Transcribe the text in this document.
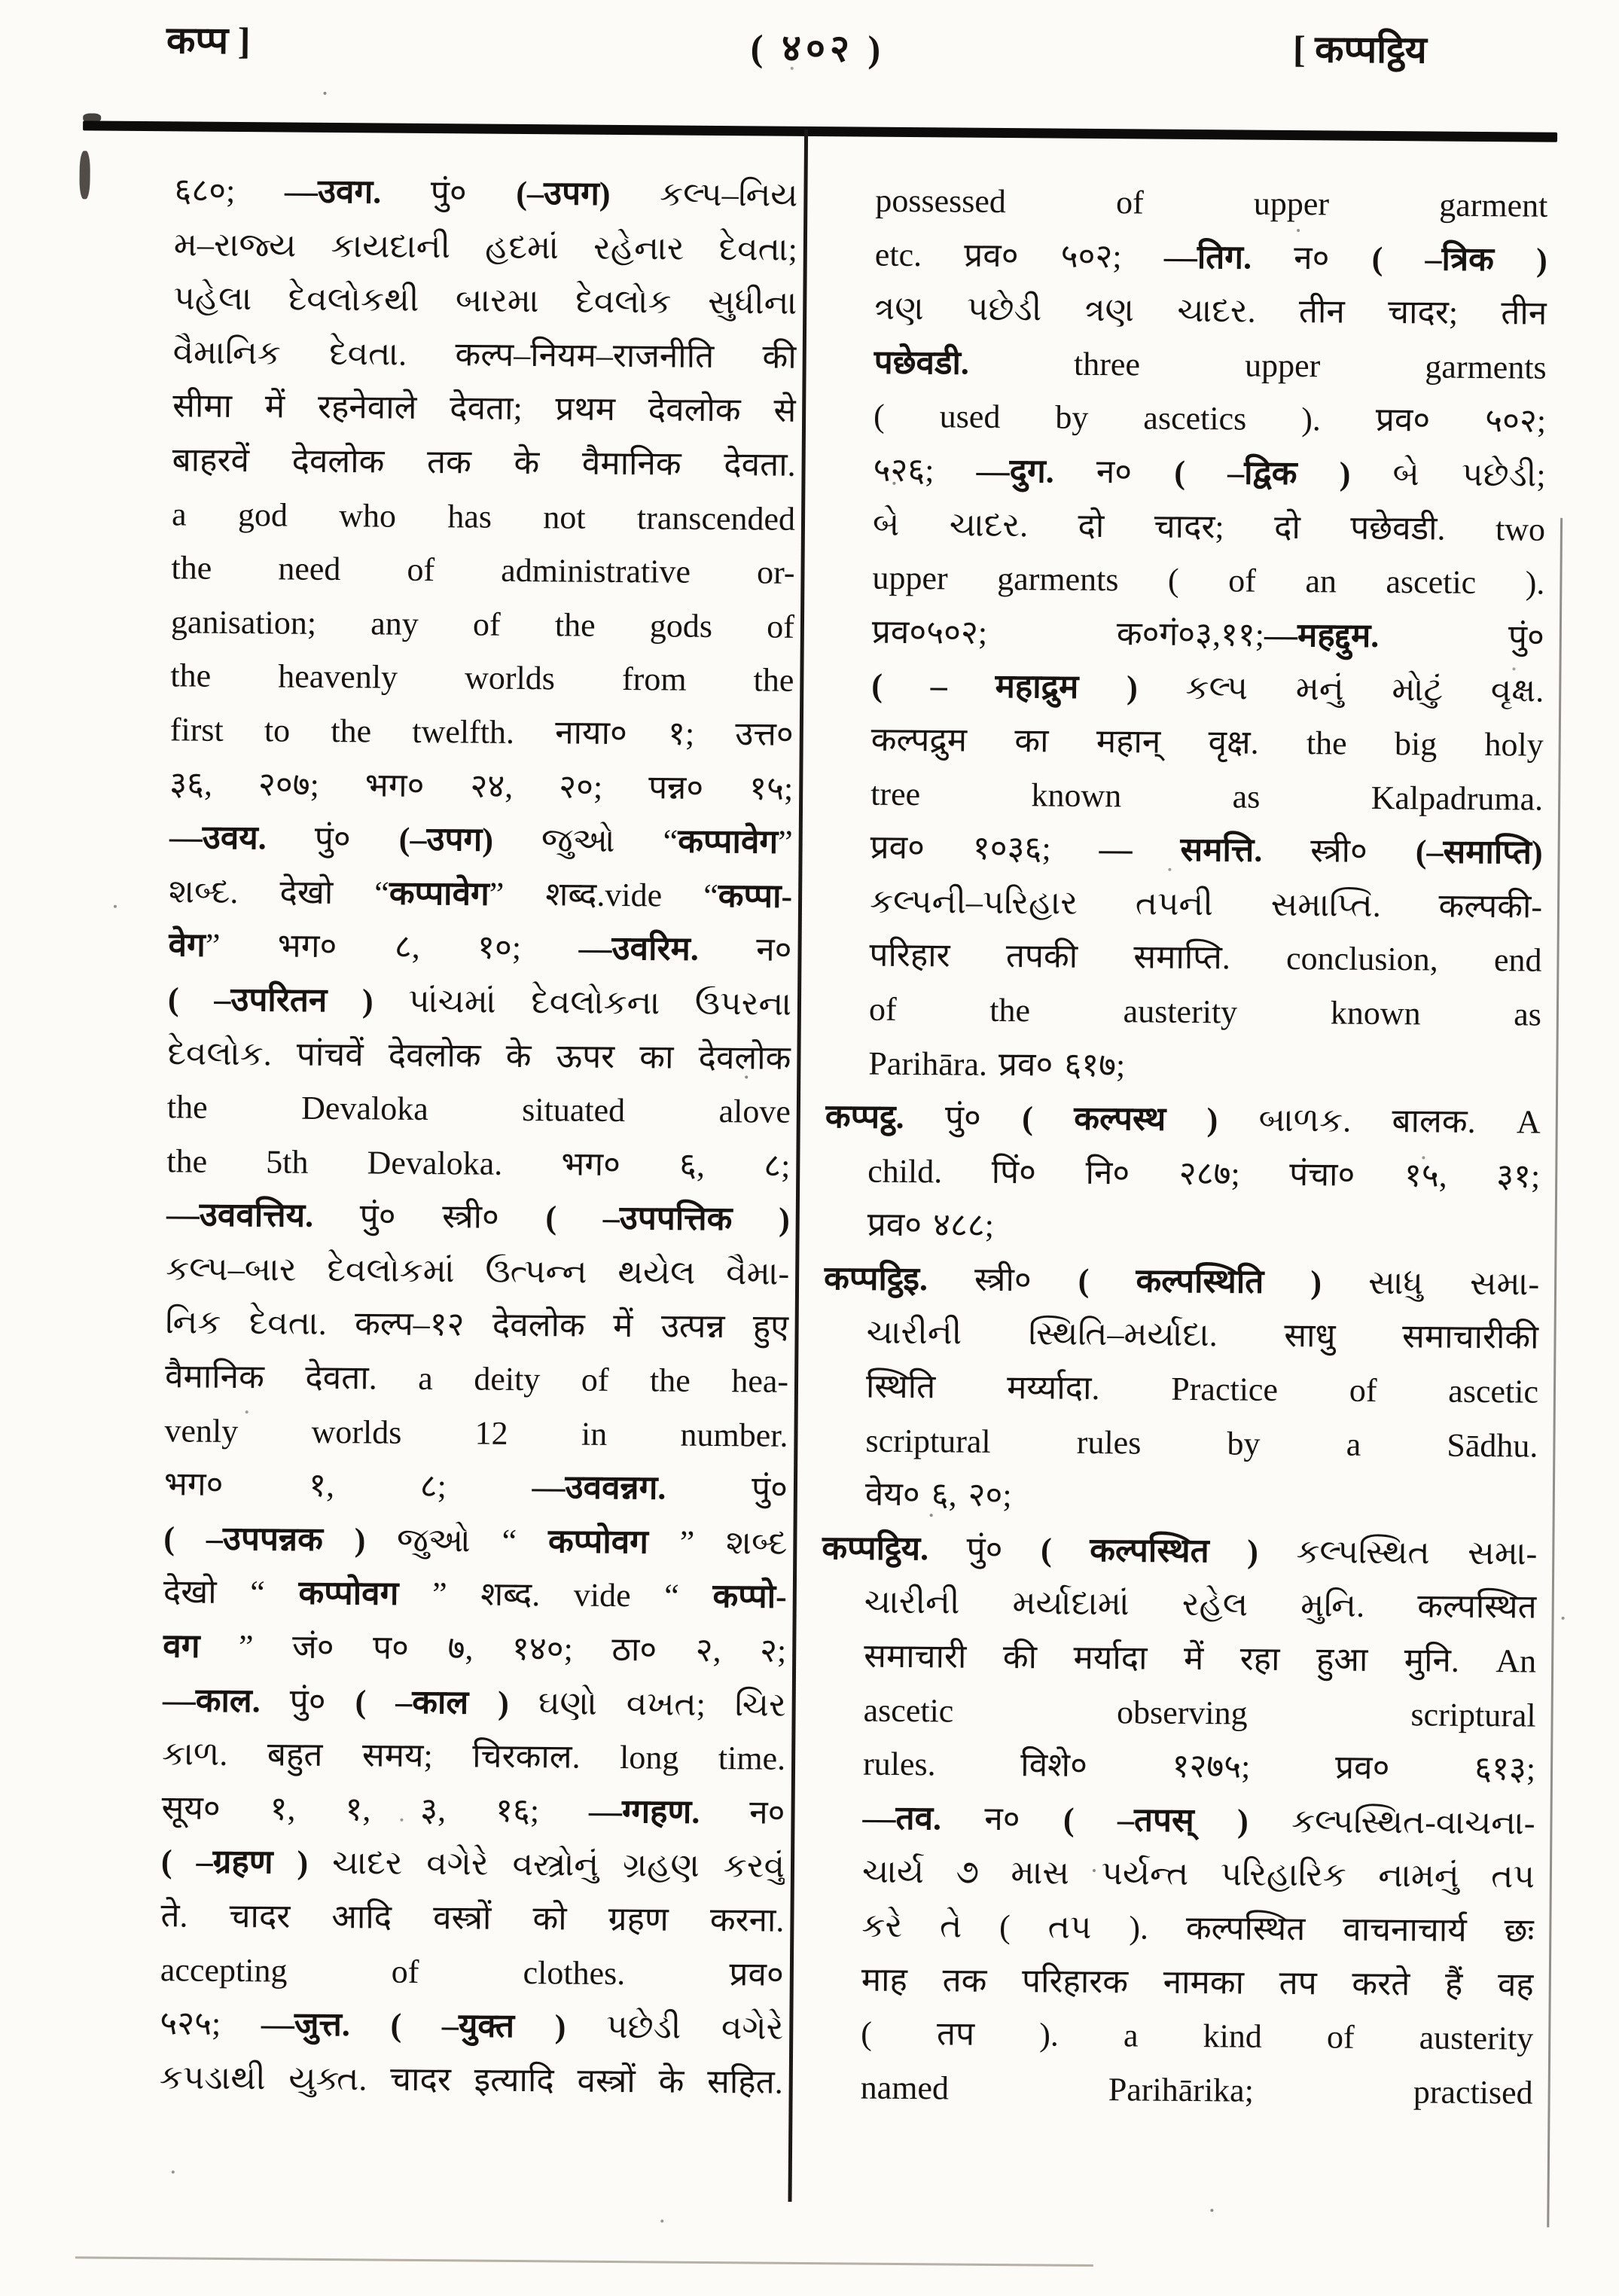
कप्प ]	( ४०२ )	[ कप्पट्ठिय
६८०; —उवग. पुं० (–उपग) કલ્પ–નિય
મ–રાજ્ય કાયદાની હદમાં રહેનાર દેવતા;
પહેલા દેવલોકથી બારમા દેવલોક સુધીના
વૈમાનિક દેવતા. कल्प–नियम–राजनीति की
सीमा में रहनेवाले देवता; प्रथम देवलोक से
बाहरवें देवलोक तक के वैमानिक देवता.
a god who has not transcended
the need of administrative or-
ganisation; any of the gods of
the heavenly worlds from the
first to the twelfth. नाया० १; उत्त०
३६, २०७; भग० २४, २०; पन्न० १५;
—उवय. पुं० (–उपग) જુઓ “कप्पावेग”
શબ્દ. देखो “कप्पावेग” शब्द.vide “कप्पा-
वेग” भग० ८, १०; —उवरिम. न०
( –उपरितन ) પાંચમાં દેવલોકના ઉપરના
દેવલોક. पांचवें देवलोक के ऊपर का देवलोक
the Devaloka situated alove
the 5th Devaloka. भग० ६, ८;
—उववत्तिय. पुं० स्त्री० ( –उपपत्तिक )
કલ્પ–બાર દેવલોકમાં ઉત્પન્ન થયેલ વૈમા-
નિક દેવતા. कल्प–१२ देवलोक में उत्पन्न हुए
वैमानिक देवता. a deity of the hea-
venly worlds 12 in number.
भग० १, ८; —उववन्नग. पुं०
( –उपपन्नक ) જુઓ “ कप्पोवग ” શબ્દ
देखो “ कप्पोवग ” शब्द. vide “ कप्पो-
वग ” जं० प० ७, १४०; ठा० २, २;
—काल. पुं० ( –काल ) ઘણો વખત; ચિર
કાળ. बहुत समय; चिरकाल. long time.
सूय० १, १, ३, १६; —ग्गहण. न०
( –ग्रहण ) ચાદર વગેરે વસ્ત્રોનું ગ્રહણ કરવું
ते. चादर आदि वस्त्रों को ग्रहण करना.
accepting of clothes. प्रव०
५२५; —जुत्त. ( –युक्त ) પછેડી વગેરે
કપડાથી યુક્ત. चादर इत्यादि वस्त्रों के सहित.
possessed of upper garment
etc. प्रव० ५०२; —तिग. न० ( –त्रिक )
ત્રણ પછેડી ત્રણ ચાદર. तीन चादर; तीन
पछेवडी. three upper garments
( used by ascetics ). प्रव० ५०२;
५२६; —दुग. न० ( –द्विक ) બે પછેડી;
બે ચાદર. दो चादर; दो पछेवडी. two
upper garments ( of an ascetic ).
प्रव०५०२; क०गं०३,११;—महद्दुम. पुं०
( – महाद्रुम ) કલ્પ મનું મોટું વૃક્ષ.
कल्पद्रुम का महान् वृक्ष. the big holy
tree known as Kalpadruma.
प्रव० १०३६; — समत्ति. स्त्री० (–समाप्ति)
કલ્પની–પરિહાર તપની સમાપ્તિ. कल्पकी-
परिहार तपकी समाप्ति. conclusion, end
of the austerity known as
Parihāra. प्रव० ६१७;
कप्पट्ठ. पुं० ( कल्पस्थ ) બાળક. बालक. A
child. पिं० नि० २८७; पंचा० १५, ३१;
प्रव० ४८८;
कप्पट्ठिइ. स्त्री० ( कल्पस्थिति ) સાધુ સમા-
ચારીની સ્થિતિ–મર્યાદા. साधु समाचारीकी
स्थिति मर्य्यादा. Practice of ascetic
scriptural rules by a Sādhu.
वेय० ६, २०;
कप्पट्ठिय. पुं० ( कल्पस्थित ) કલ્પસ્થિત સમા-
ચારીની મર્યાદામાં રહેલ મુનિ. कल्पस्थित
समाचारी की मर्यादा में रहा हुआ मुनि. An
ascetic observing scriptural
rules. विशे० १२७५; प्रव० ६१३;
—तव. न० ( –तपस् ) કલ્પસ્થિત-વાચના-
ચાર્ય ૭ માસ પર્યન્ત પરિહારિક નામનું તપ
કરે તે ( તપ ). कल्पस्थित वाचनाचार्य छः
माह तक परिहारक नामका तप करते हैं वह
( तप ). a kind of austerity
named Parihārika; practised
